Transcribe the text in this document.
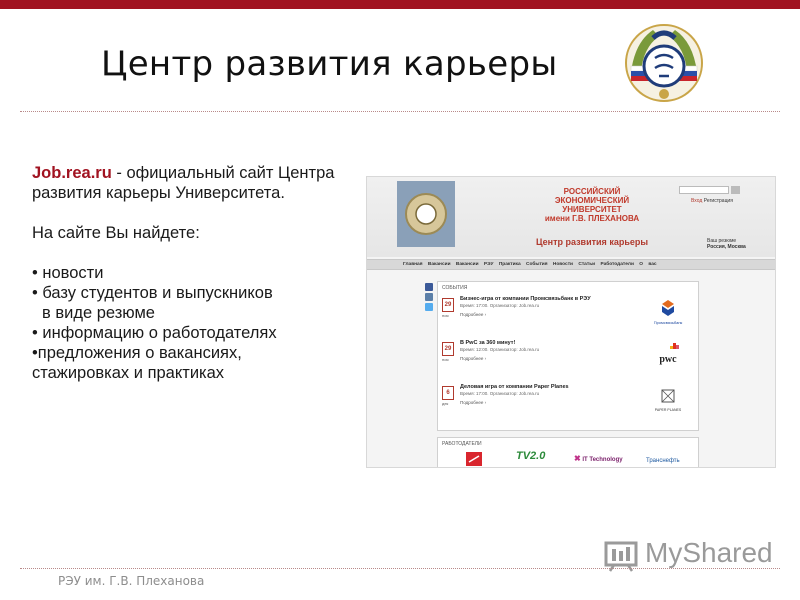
Центр развития карьеры
Job.rea.ru - официальный сайт Центра развития карьеры Университета.
На сайте Вы найдете:
• новости
• базу студентов и выпускников
в виде резюме
• информацию о работодателях
•предложения о вакансиях,
стажировках и практиках
РОССИЙСКИЙ
ЭКОНОМИЧЕСКИЙ
УНИВЕРСИТЕТ
имени Г.В. ПЛЕХАНОВА
Центр развития карьеры
Вход Регистрация
Ваш резюме
Россия, Москва
Главная Вакансии Вакансии РЭУ Практика События Новости Статьи Работодатели О вас
СОБЫТИЯ
29
ноя
Бизнес-игра от компании Промсвязьбанк в РЭУ
Время: 17:00. Организатор: Job.rea.ru
Подробнее ›
Промсвязьбанк
29
ноя
В PwC за 360 минут!
Время: 12:00. Организатор: Job.rea.ru
Подробнее ›	pwc
6
дек
Деловая игра от компании Paper Planes
Время: 17:00. Организатор: Job.rea.ru
Подробнее ›
PAPER PLANES
РАБОТОДАТЕЛИ
TV2.0	✖ IT Technology	Транснефть
MyShared
РЭУ им. Г.В. Плеханова
